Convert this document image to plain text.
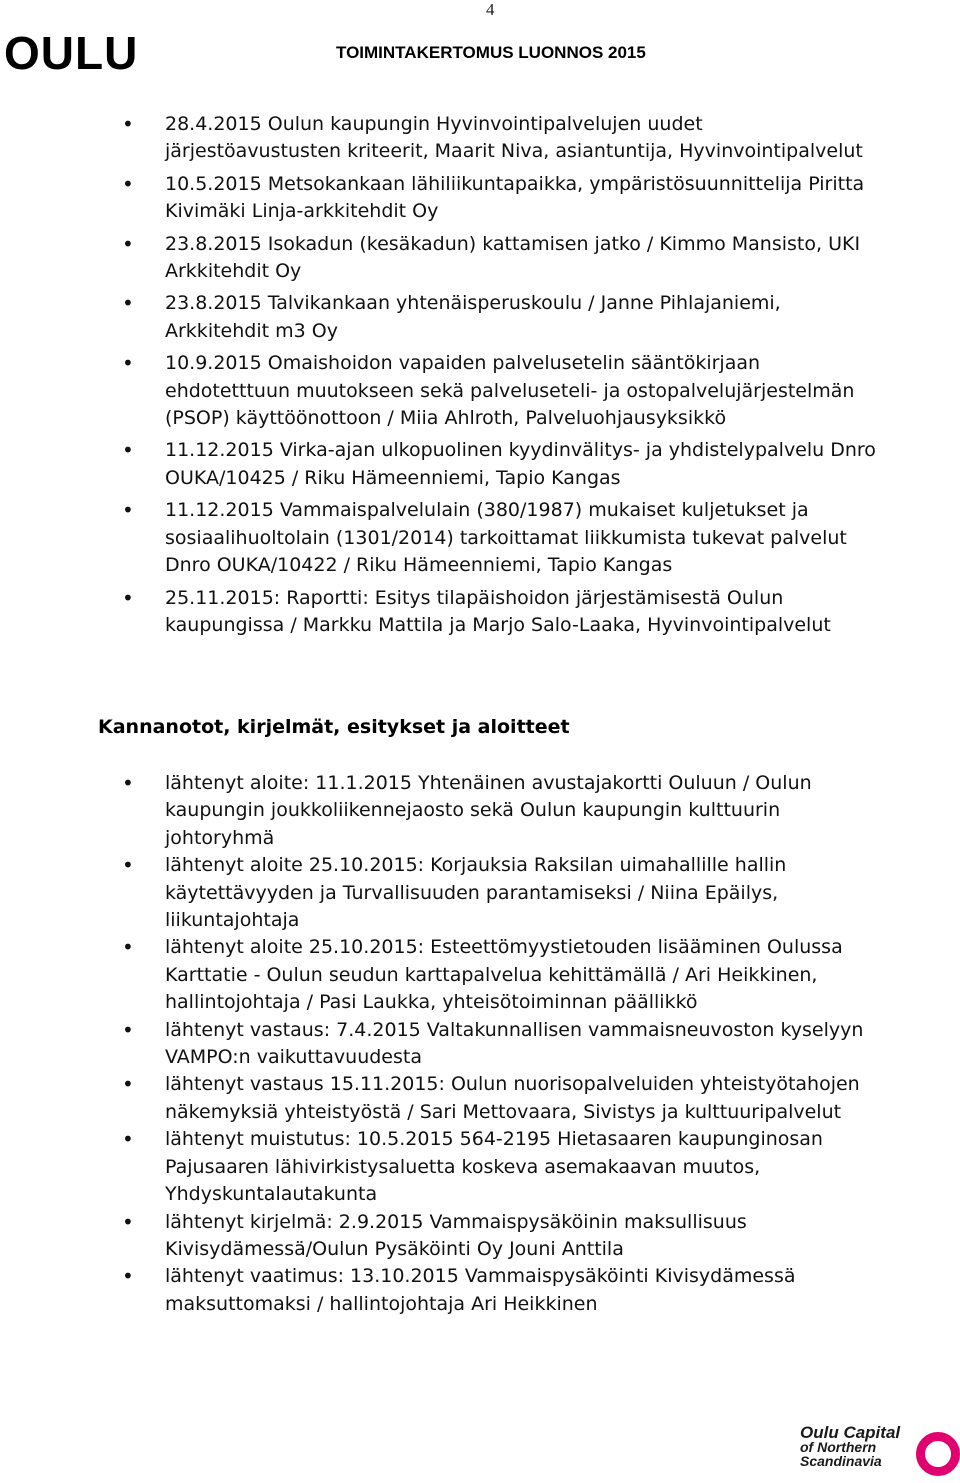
4
OULU	TOIMINTAKERTOMUS LUONNOS 2015
• 28.4.2015 Oulun kaupungin Hyvinvointipalvelujen uudet järjestöavustusten kriteerit, Maarit Niva, asiantuntija, Hyvinvointipalvelut
• 10.5.2015 Metsokankaan lähiliikuntapaikka, ympäristösuunnittelija Piritta Kivimäki Linja-arkkitehdit Oy
• 23.8.2015 Isokadun (kesäkadun) kattamisen jatko / Kimmo Mansisto, UKI Arkkitehdit Oy
• 23.8.2015 Talvikankaan yhtenäisperuskoulu / Janne Pihlajaniemi, Arkkitehdit m3 Oy
• 10.9.2015 Omaishoidon vapaiden palvelusetelin sääntökirjaan ehdotetttuun muutokseen sekä palveluseteli- ja ostopalvelujärjestelmän (PSOP) käyttöönottoon / Miia Ahlroth, Palveluohjausyksikkö
• 11.12.2015 Virka-ajan ulkopuolinen kyydinvälitys- ja yhdistelypalvelu Dnro OUKA/10425 / Riku Hämeenniemi, Tapio Kangas
• 11.12.2015 Vammaispalvelulain (380/1987) mukaiset kuljetukset ja sosiaalihuoltolain (1301/2014) tarkoittamat liikkumista tukevat palvelut Dnro OUKA/10422 / Riku Hämeenniemi, Tapio Kangas
• 25.11.2015: Raportti: Esitys tilapäishoidon järjestämisestä Oulun kaupungissa / Markku Mattila ja Marjo Salo-Laaka, Hyvinvointipalvelut
Kannanotot, kirjelmät, esitykset ja aloitteet
• lähtenyt aloite: 11.1.2015 Yhtenäinen avustajakortti Ouluun / Oulun kaupungin joukkoliikennejaosto sekä Oulun kaupungin kulttuurin johtoryhmä
• lähtenyt aloite 25.10.2015: Korjauksia Raksilan uimahallille hallin käytettävyyden ja Turvallisuuden parantamiseksi / Niina Epäilys, liikuntajohtaja
• lähtenyt aloite 25.10.2015: Esteettömyystietouden lisääminen Oulussa Karttatie - Oulun seudun karttapalvelua kehittämällä / Ari Heikkinen, hallintojohtaja / Pasi Laukka, yhteisötoiminnan päällikkö
• lähtenyt vastaus: 7.4.2015 Valtakunnallisen vammaisneuvoston kyselyyn VAMPO:n vaikuttavuudesta
• lähtenyt vastaus 15.11.2015: Oulun nuorisopalveluiden yhteistyötahojen näkemyksiä yhteistyöstä / Sari Mettovaara, Sivistys ja kulttuuripalvelut
• lähtenyt muistutus: 10.5.2015 564-2195 Hietasaaren kaupunginosan Pajusaaren lähivirkistysaluetta koskeva asemakaavan muutos, Yhdyskuntalautakunta
• lähtenyt kirjelmä: 2.9.2015 Vammaispysäköinin maksullisuus Kivisydämessä/Oulun Pysäköinti Oy Jouni Anttila
• lähtenyt vaatimus: 13.10.2015 Vammaispysäköinti Kivisydämessä maksuttomaksi / hallintojohtaja Ari Heikkinen
Oulu Capital
of Northern
Scandinavia
